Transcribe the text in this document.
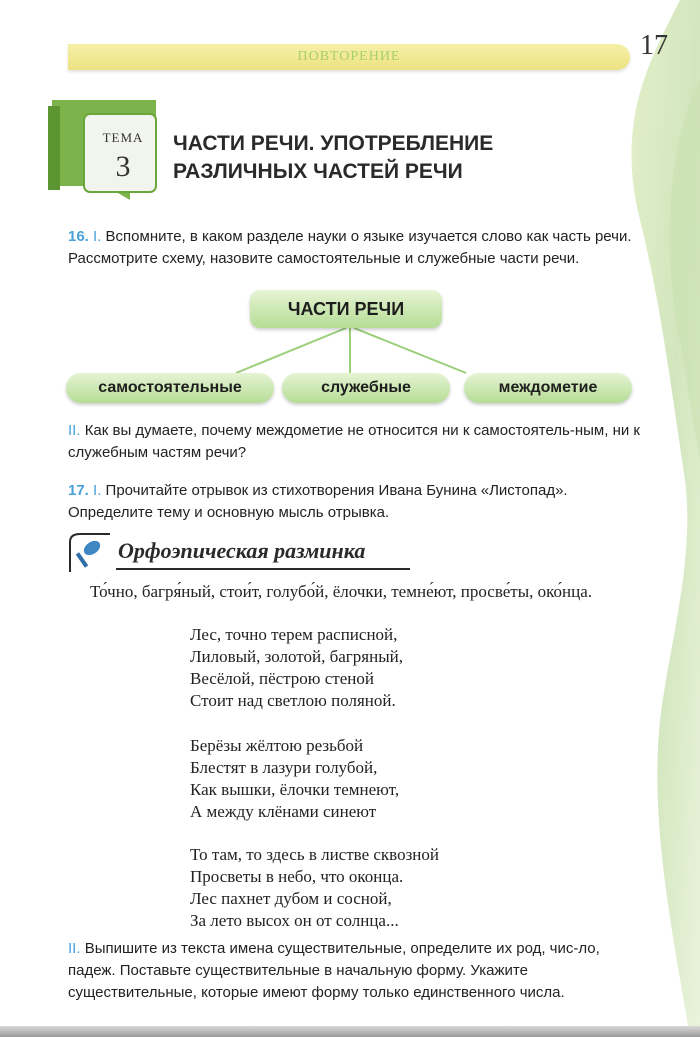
ПОВТОРЕНИЕ	17
ТЕМА
3
ЧАСТИ РЕЧИ. УПОТРЕБЛЕНИЕ
РАЗЛИЧНЫХ ЧАСТЕЙ РЕЧИ
16. I. Вспомните, в каком разделе науки о языке изучается слово как часть речи. Рассмотрите схему, назовите самостоятельные и служебные части речи.
ЧАСТИ РЕЧИ
самостоятельные	служебные	междометие
II. Как вы думаете, почему междометие не относится ни к самостоятель-ным, ни к служебным частям речи?
17. I. Прочитайте отрывок из стихотворения Ивана Бунина «Листопад». Определите тему и основную мысль отрывка.
Орфоэпическая разминка
То́чно, багря́ный, стои́т, голубо́й, ёлочки, темне́ют, просве́ты, око́нца.
Лес, точно терем расписной,
Лиловый, золотой, багряный,
Весёлой, пёстрою стеной
Стоит над светлою поляной.
Берёзы жёлтою резьбой
Блестят в лазури голубой,
Как вышки, ёлочки темнеют,
А между клёнами синеют
То там, то здесь в листве сквозной
Просветы в небо, что оконца.
Лес пахнет дубом и сосной,
За лето высох он от солнца...
II. Выпишите из текста имена существительные, определите их род, чис-ло, падеж. Поставьте существительные в начальную форму. Укажите существительные, которые имеют форму только единственного числа.
